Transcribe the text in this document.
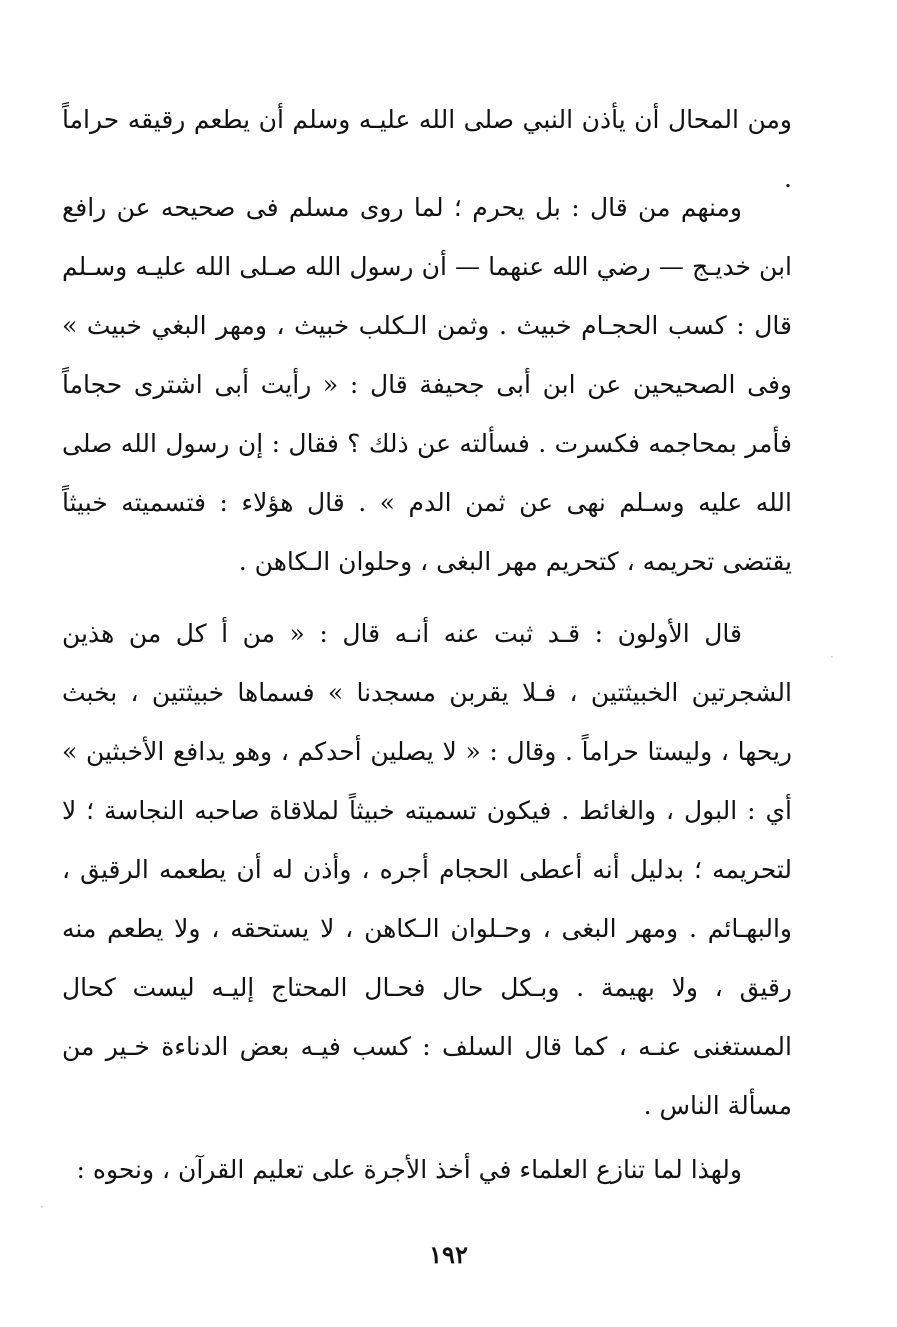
ومن المحال أن يأذن النبي صلى الله عليـه وسلم أن يطعم رقيقه حراماً .

ومنهم من قال : بل يحرم ؛ لما روى مسلم فى صحيحه عن رافع ابن خديـج — رضي الله عنهما — أن رسول الله صـلى الله عليـه وسـلم قال : كسب الحجـام خبيث . وثمن الـكلب خبيث ، ومهر البغي خبيث » وفى الصحيحين عن ابن أبى جحيفة قال : « رأيت أبى اشترى حجاماً فأمر بمحاجمه فكسرت . فسألته عن ذلك ؟ فقال : إن رسول الله صلى الله عليه وسـلم نهى عن ثمن الدم » . قال هؤلاء : فتسميته خبيثاً يقتضى تحريمه ، كتحريم مهر البغى ، وحلوان الـكاهن .

قال الأولون : قـد ثبت عنه أنـه قال : « من أ كل من هذين الشجرتين الخبيثتين ، فـلا يقربن مسجدنا » فسماها خبيثتين ، بخبث ريحها ، وليستا حراماً . وقال : « لا يصلين أحدكم ، وهو يدافع الأخبثين » أي : البول ، والغائط . فيكون تسميته خبيثاً لملاقاة صاحبه النجاسة ؛ لا لتحريمه ؛ بدليل أنه أعطى الحجام أجره ، وأذن له أن يطعمه الرقيق ، والبهـائم . ومهر البغى ، وحـلوان الـكاهن ، لا يستحقه ، ولا يطعم منه رقيق ، ولا بهيمة . وبـكل حال فحـال المحتاج إليـه ليست كحال المستغنى عنـه ، كما قال السلف : كسب فيـه بعض الدناءة خـير من مسألة الناس .

ولهذا لما تنازع العلماء في أخذ الأجرة على تعليم القرآن ، ونحوه :

١٩٢
·
·
